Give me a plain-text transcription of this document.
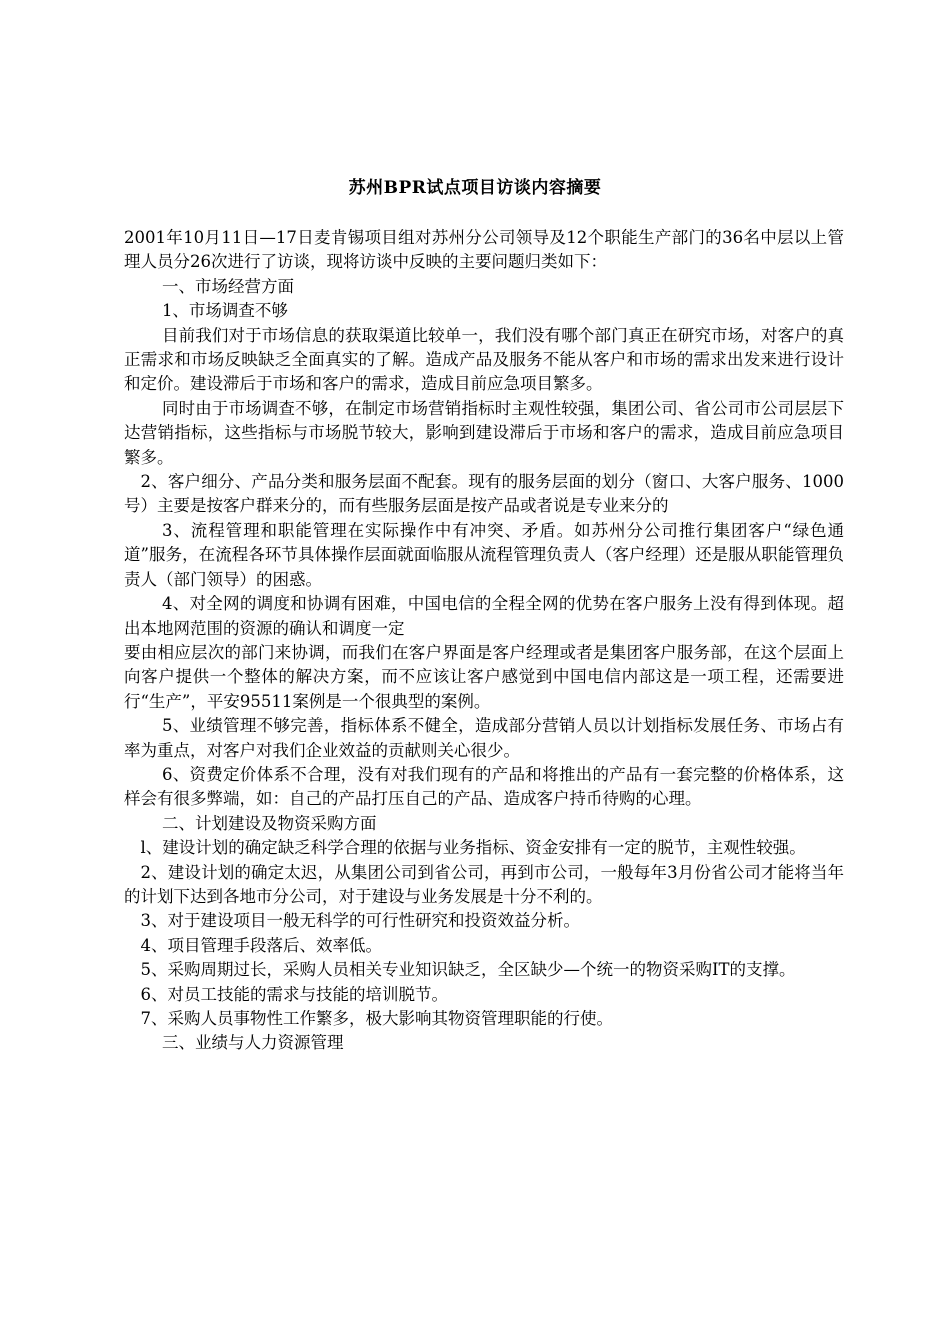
苏州BPR试点项目访谈内容摘要

2001年10月11日—17日麦肯锡项目组对苏州分公司领导及12个职能生产部门的36名中层以上管理人员分26次进行了访谈，现将访谈中反映的主要问题归类如下：

一、市场经营方面

1、市场调查不够

目前我们对于市场信息的获取渠道比较单一，我们没有哪个部门真正在研究市场，对客户的真正需求和市场反映缺乏全面真实的了解。造成产品及服务不能从客户和市场的需求出发来进行设计和定价。建设滞后于市场和客户的需求，造成目前应急项目繁多。

同时由于市场调查不够，在制定市场营销指标时主观性较强，集团公司、省公司市公司层层下达营销指标，这些指标与市场脱节较大，影响到建设滞后于市场和客户的需求，造成目前应急项目繁多。

2、客户细分、产品分类和服务层面不配套。现有的服务层面的划分（窗口、大客户服务、1000号）主要是按客户群来分的，而有些服务层面是按产品或者说是专业来分的

3、流程管理和职能管理在实际操作中有冲突、矛盾。如苏州分公司推行集团客户“绿色通道”服务，在流程各环节具体操作层面就面临服从流程管理负责人（客户经理）还是服从职能管理负责人（部门领导）的困惑。

4、对全网的调度和协调有困难，中国电信的全程全网的优势在客户服务上没有得到体现。超出本地网范围的资源的确认和调度一定

要由相应层次的部门来协调，而我们在客户界面是客户经理或者是集团客户服务部，在这个层面上向客户提供一个整体的解决方案，而不应该让客户感觉到中国电信内部这是一项工程，还需要进行“生产”，平安95511案例是一个很典型的案例。

5、业绩管理不够完善，指标体系不健全，造成部分营销人员以计划指标发展任务、市场占有率为重点，对客户对我们企业效益的贡献则关心很少。

6、资费定价体系不合理，没有对我们现有的产品和将推出的产品有一套完整的价格体系，这样会有很多弊端，如：自己的产品打压自己的产品、造成客户持币待购的心理。

二、计划建设及物资采购方面

l、建设计划的确定缺乏科学合理的依据与业务指标、资金安排有一定的脱节，主观性较强。

2、建设计划的确定太迟，从集团公司到省公司，再到市公司，一般每年3月份省公司才能将当年的计划下达到各地市分公司，对于建设与业务发展是十分不利的。

3、对于建设项目一般无科学的可行性研究和投资效益分析。

4、项目管理手段落后、效率低。

5、采购周期过长，采购人员相关专业知识缺乏，全区缺少—个统一的物资采购IT的支撑。

6、对员工技能的需求与技能的培训脱节。

7、采购人员事物性工作繁多，极大影响其物资管理职能的行使。

三、业绩与人力资源管理
